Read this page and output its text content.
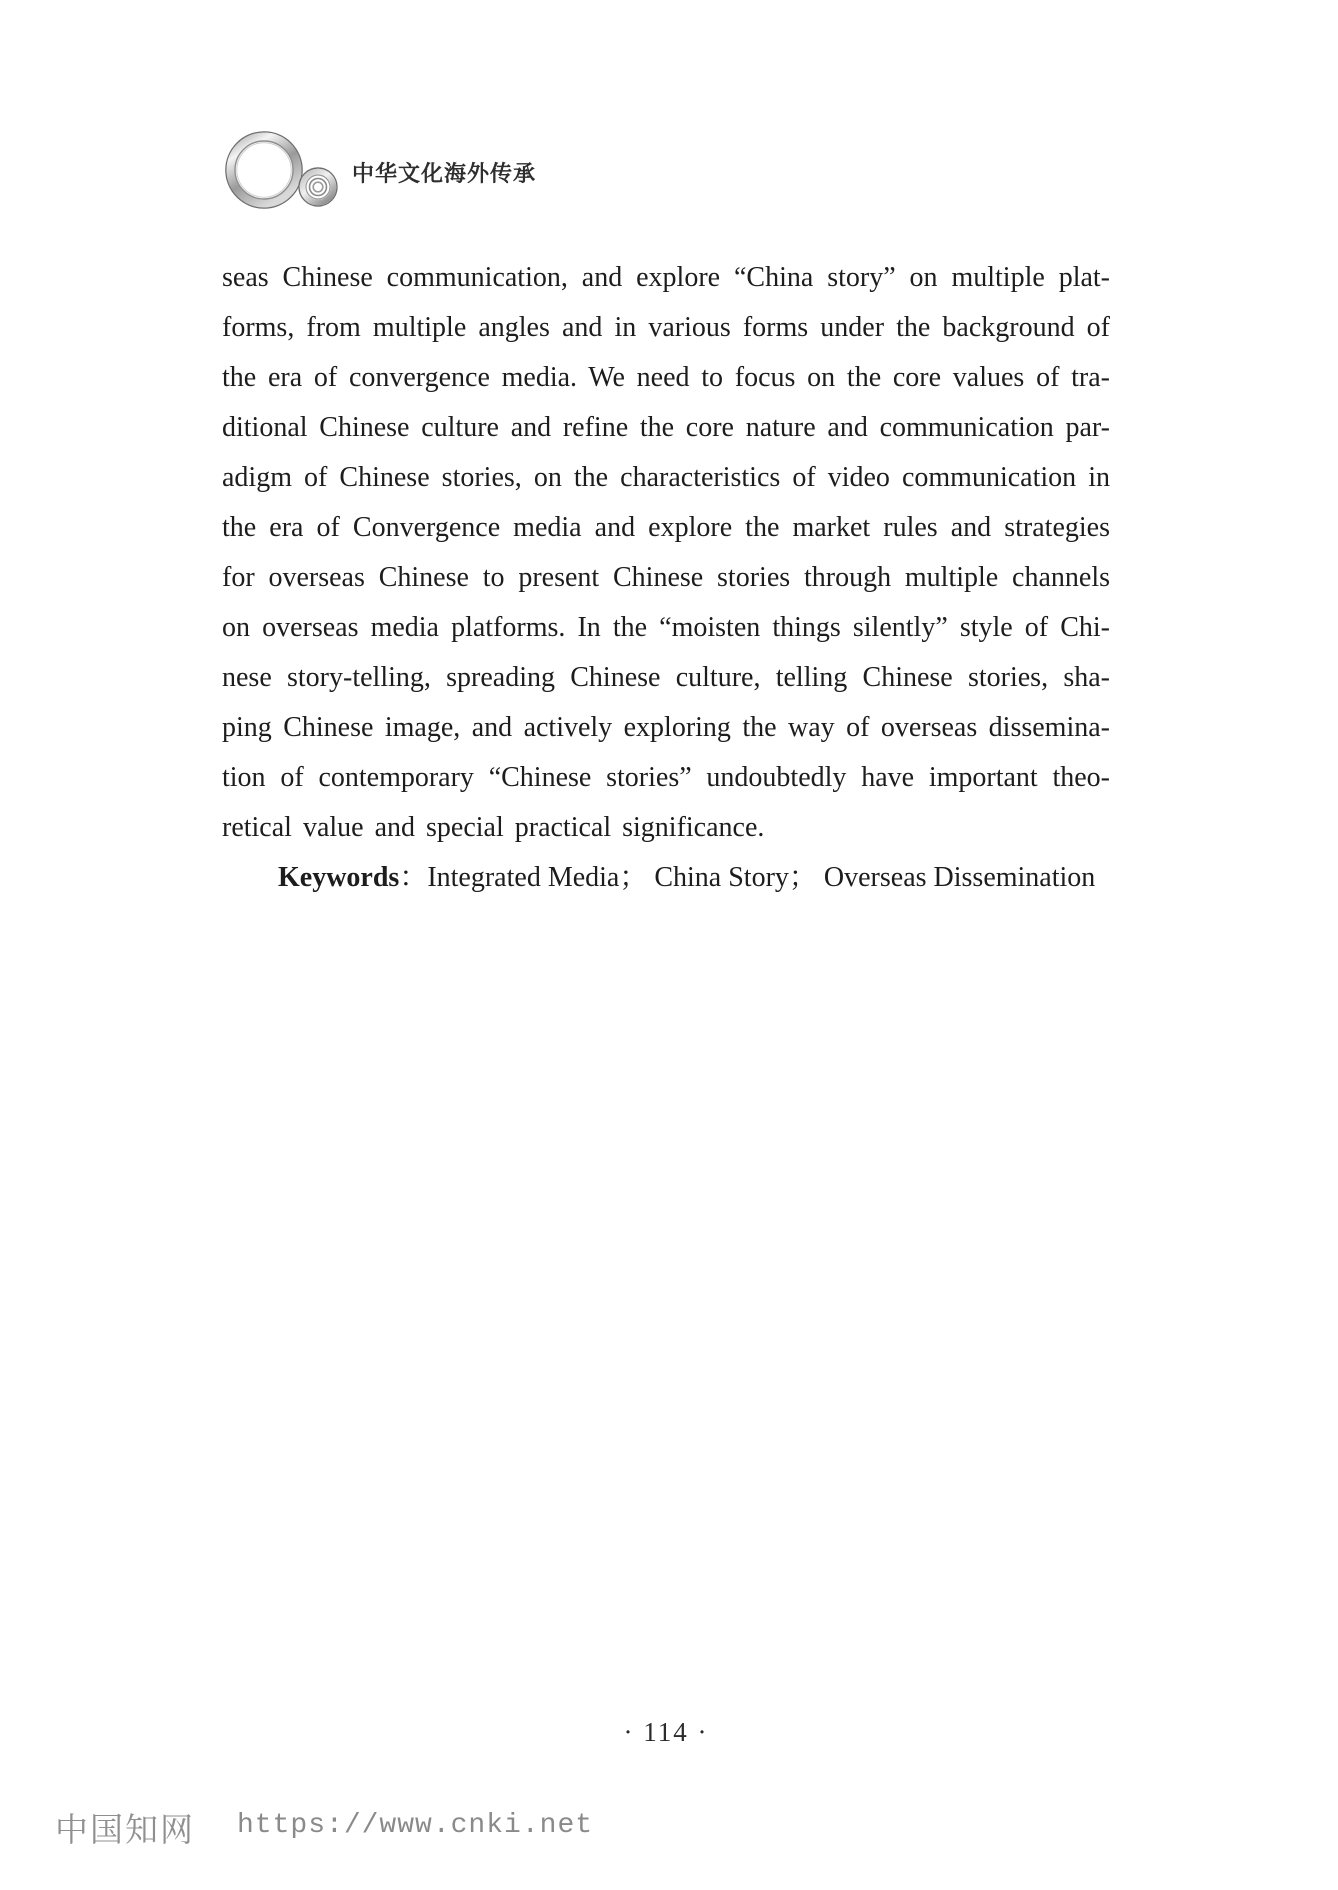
中华文化海外传承
seas Chinese communication, and explore “China story” on multiple plat-
forms, from multiple angles and in various forms under the background of
the era of convergence media. We need to focus on the core values of tra-
ditional Chinese culture and refine the core nature and communication par-
adigm of Chinese stories, on the characteristics of video communication in
the era of Convergence media and explore the market rules and strategies
for overseas Chinese to present Chinese stories through multiple channels
on overseas media platforms. In the “moisten things silently” style of Chi-
nese story-telling, spreading Chinese culture, telling Chinese stories, sha-
ping Chinese image, and actively exploring the way of overseas dissemina-
tion of contemporary “Chinese stories” undoubtedly have important theo-
retical value and special practical significance.
Keywords：Integrated Media； China Story； Overseas Dissemination
· 114 ·
中国知网 https://www.cnki.net
